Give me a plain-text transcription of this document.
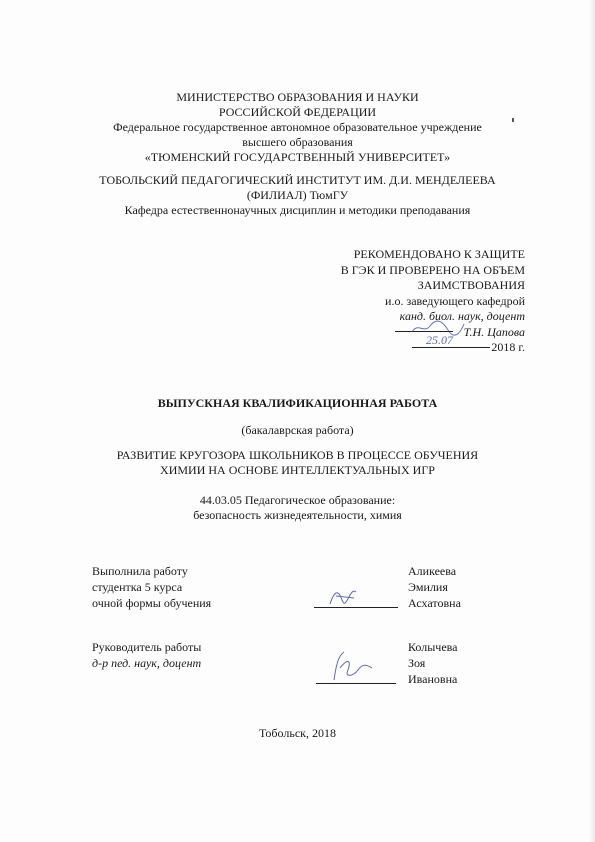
МИНИСТЕРСТВО ОБРАЗОВАНИЯ И НАУКИ
РОССИЙСКОЙ ФЕДЕРАЦИИ
Федеральное государственное автономное образовательное учреждение
высшего образования
«ТЮМЕНСКИЙ ГОСУДАРСТВЕННЫЙ УНИВЕРСИТЕТ»
ТОБОЛЬСКИЙ ПЕДАГОГИЧЕСКИЙ ИНСТИТУТ ИМ. Д.И. МЕНДЕЛЕЕВА
(ФИЛИАЛ) ТюмГУ
Кафедра естественнонаучных дисциплин и методики преподавания
РЕКОМЕНДОВАНО К ЗАЩИТЕ
В ГЭК И ПРОВЕРЕНО НА ОБЪЕМ
ЗАИМСТВОВАНИЯ
и.о. заведующего кафедрой
канд. биол. наук, доцент
Т.Н. Цапова
2018 г.
25.07
ВЫПУСКНАЯ КВАЛИФИКАЦИОННАЯ РАБОТА
(бакалаврская работа)
РАЗВИТИЕ КРУГОЗОРА ШКОЛЬНИКОВ В ПРОЦЕССЕ ОБУЧЕНИЯ
ХИМИИ НА ОСНОВЕ ИНТЕЛЛЕКТУАЛЬНЫХ ИГР
44.03.05 Педагогическое образование:
безопасность жизнедеятельности, химия
Выполнила работу
студентка 5 курса
очной формы обучения
Аликеева
Эмилия
Асхатовна
Руководитель работы
д-р пед. наук, доцент
Колычева
Зоя
Ивановна
Тобольск, 2018
